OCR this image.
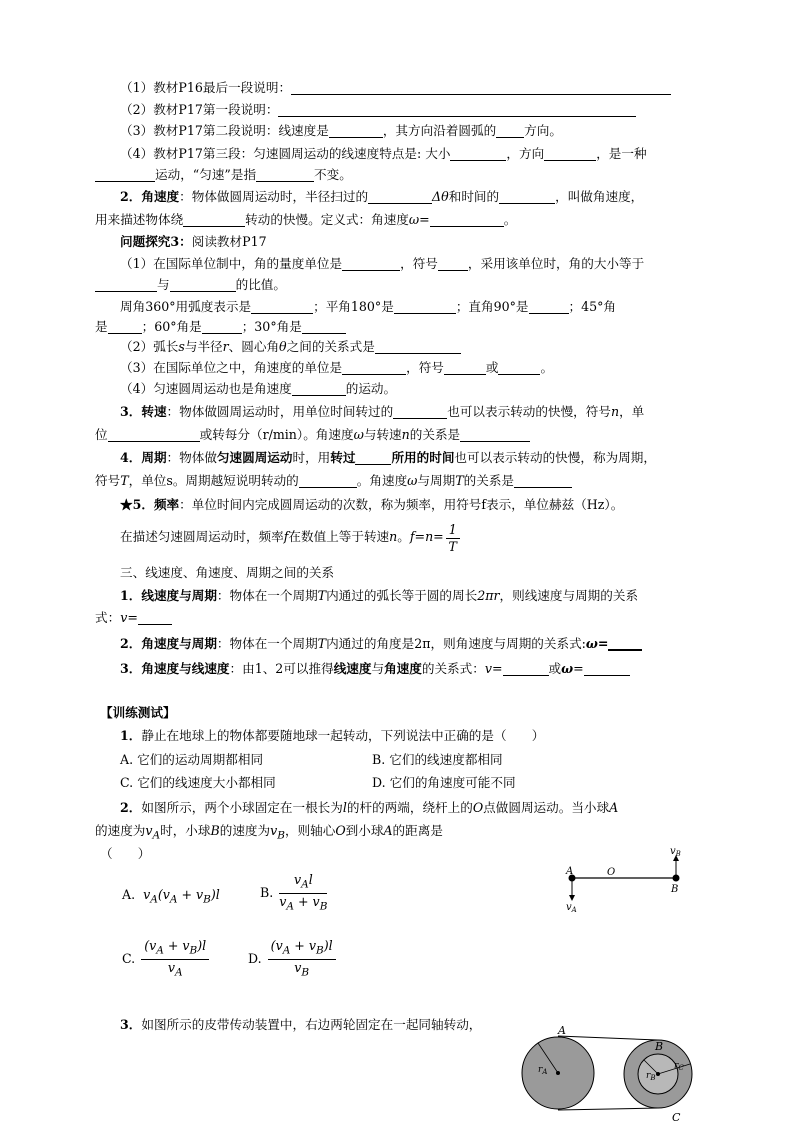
（1）教材P16最后一段说明：
（2）教材P17第一段说明：
（3）教材P17第二段说明：线速度是	，其方向沿着圆弧的 方向。
（4）教材P17第三段：匀速圆周运动的线速度特点是: 大小	，方向	，是一种
运动，“匀速”是指	不变。
2．角速度：物体做圆周运动时，半径扫过的	Δθ和时间的	，叫做角速度，
用来描述物体绕	转动的快慢。定义式：角速度ω=	。
问题探究3：阅读教材P17
（1）在国际单位制中，角的量度单位是	，符号 ，采用该单位时，角的大小等于
与	的比值。
周角360°用弧度表示是	；平角180°是	；直角90°是	；45°角
是	；60°角是	；30°角是
（2）弧长s与半径r、圆心角θ之间的关系式是
（3）在国际单位之中，角速度的单位是	，符号	或	。
（4）匀速圆周运动也是角速度	的运动。
3．转速：物体做圆周运动时，用单位时间转过的	也可以表示转动的快慢，符号n，单
位	或转每分（r/min）。角速度ω与转速n的关系是
4．周期：物体做匀速圆周运动时，用转过	所用的时间也可以表示转动的快慢，称为周期，
符号T，单位s。周期越短说明转动的	。角速度ω与周期T的关系是
★5．频率：单位时间内完成圆周运动的次数，称为频率，用符号f表示，单位赫兹（Hz）。
在描述匀速圆周运动时，频率f在数值上等于转速n。$f=n= \frac{1}{T}$
三、线速度、角速度、周期之间的关系
1．线速度与周期：物体在一个周期T内通过的弧长等于圆的周长2πr，则线速度与周期的关系
式：v=
2．角速度与周期：物体在一个周期T内通过的角度是2π，则角速度与周期的关系式:ω=
3．角速度与线速度：由1、2可以推得线速度与角速度的关系式：v=	或ω=
【训练测试】
1．静止在地球上的物体都要随地球一起转动，下列说法中正确的是（　　）
A. 它们的运动周期都相同	B. 它们的线速度都相同
C. 它们的线速度大小都相同	D. 它们的角速度可能不同
2．如图所示，两个小球固定在一根长为l的杆的两端，绕杆上的O点做圆周运动。当小球A
的速度为$v_A$时，小球B的速度为$v_B$，则轴心O到小球A的距离是
（　　）
A.  $v_A(v_A + v_B)l$	B. $\frac{v_Al}{v_A + v_B}$
C. $\frac{(v_A + v_B)l}{v_A}$	D. $\frac{(v_A + v_B)l}{v_B}$
A	O
B
$v_A$
$v_B$
3．如图所示的皮带传动装置中，右边两轮固定在一起同轴转动，	A
B
C
$r_A$	$r_B$
$r_C$
